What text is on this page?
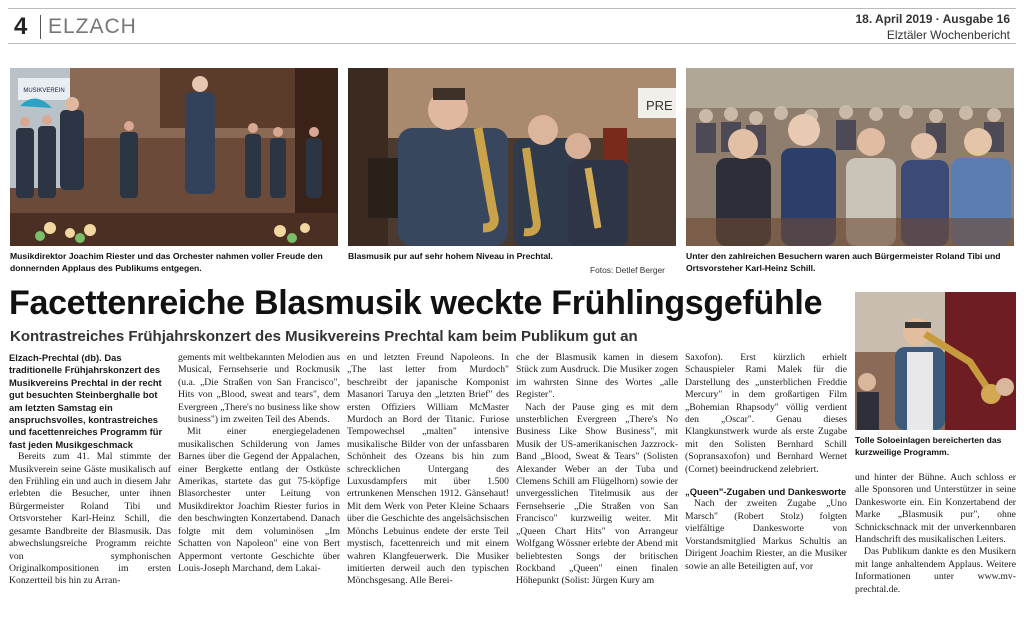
4 ELZACH	18. April 2019 · Ausgabe 16
Elztäler Wochenbericht
MUSIKVEREIN
Musikdirektor Joachim Riester und das Orchester nahmen voller Freude den donnernden Applaus des Publikums entgegen.
PRE
Blasmusik pur auf sehr hohem Niveau in Prechtal.
Fotos: Detlef Berger
Unter den zahlreichen Besuchern waren auch Bürgermeister Roland Tibi und Ortsvorsteher Karl-Heinz Schill.
Facettenreiche Blasmusik weckte Frühlingsgefühle
Kontrastreiches Frühjahrskonzert des Musikvereins Prechtal kam beim Publikum gut an
Tolle Soloeinlagen bereicherten das kurzweilige Programm.

Elzach-Prechtal (db). Das traditionelle Frühjahrskonzert des Musikvereins Prechtal in der recht gut besuchten Steinberghalle bot am letzten Samstag ein anspruchsvolles, kontrastreiches und facettenreiches Programm für fast jeden Musikgeschmack

Bereits zum 41. Mal stimmte der Musikverein seine Gäste musikalisch auf den Frühling ein und auch in diesem Jahr erlebten die Besucher, unter ihnen Bürgermeister Roland Tibi und Ortsvorsteher Karl-Heinz Schill, die gesamte Bandbreite der Blasmusik. Das abwechslungsreiche Programm reichte von symphonischen Originalkompositionen im ersten Konzertteil bis hin zu Arran-

gements mit weltbekannten Melodien aus Musical, Fernsehserie und Rockmusik (u.a. „Die Straßen von San Francisco", Hits von „Blood, sweat and tears", dem Evergreen „There's no business like show business") im zweiten Teil des Abends.

Mit einer energiegeladenen musikalischen Schilderung von James Barnes über die Gegend der Appalachen, einer Bergkette entlang der Ostküste Amerikas, startete das gut 75-köpfige Blasorchester unter Leitung von Musikdirektor Joachim Riester furios in den beschwingten Konzertabend. Danach folgte mit dem voluminösen „Im Schatten von Napoleon" eine von Bert Appermont vertonte Geschichte über Louis-Joseph Marchand, dem Lakai-

en und letzten Freund Napoleons. In „The last letter from Murdoch" beschreibt der japanische Komponist Masanori Taruya den „letzten Brief" des ersten Offiziers William McMaster Murdoch an Bord der Titanic. Furiose Tempowechsel „malten" intensive musikalische Bilder von der unfassbaren Schönheit des Ozeans bis hin zum schrecklichen Untergang des Luxusdampfers mit über 1.500 ertrunkenen Menschen 1912. Gänsehaut! Mit dem Werk von Peter Kleine Schaars über die Geschichte des angelsächsischen Mönchs Lebuinus endete der erste Teil mystisch, facettenreich und mit einem wahren Klangfeuerwerk. Die Musiker imitierten derweil auch den typischen Mönchsgesang. Alle Berei-

che der Blasmusik kamen in diesem Stück zum Ausdruck. Die Musiker zogen im wahrsten Sinne des Wortes „alle Register".

Nach der Pause ging es mit dem unsterblichen Evergreen „There's No Business Like Show Business", mit Musik der US-amerikanischen Jazzrock-Band „Blood, Sweat & Tears" (Solisten Alexander Weber an der Tuba und Clemens Schill am Flügelhorn) sowie der unvergesslichen Titelmusik aus der Fernsehserie „Die Straßen von San Francisco" kurzweilig weiter. Mit „Queen Chart Hits" von Arrangeur Wolfgang Wössner erlebte der Abend mit beliebtesten Songs der britischen Rockband „Queen" einen finalen Höhepunkt (Solist: Jürgen Kury am

Saxofon). Erst kürzlich erhielt Schauspieler Rami Malek für die Darstellung des „unsterblichen Freddie Mercury" in dem großartigen Film „Bohemian Rhapsody" völlig verdient den „Oscar". Genau dieses Klangkunstwerk wurde als erste Zugabe mit den Solisten Bernhard Schill (Sopransaxofon) und Bernhard Wernet (Cornet) beeindruckend zelebriert.

„Queen"-Zugaben und Dankesworte

Nach der zweiten Zugabe „Uno Marsch" (Robert Stolz) folgten vielfältige Dankesworte von Vorstandsmitglied Markus Schultis an Dirigent Joachim Riester, an die Musiker sowie an alle Beteiligten auf, vor

und hinter der Bühne. Auch schloss er alle Sponsoren und Unterstützer in seine Dankesworte ein. Ein Konzertabend der Marke „Blasmusik pur", ohne Schnickschnack mit der unverkennbaren Handschrift des musikalischen Leiters.

Das Publikum dankte es den Musikern mit lange anhaltendem Applaus. Weitere Informationen unter www.mv-prechtal.de.
